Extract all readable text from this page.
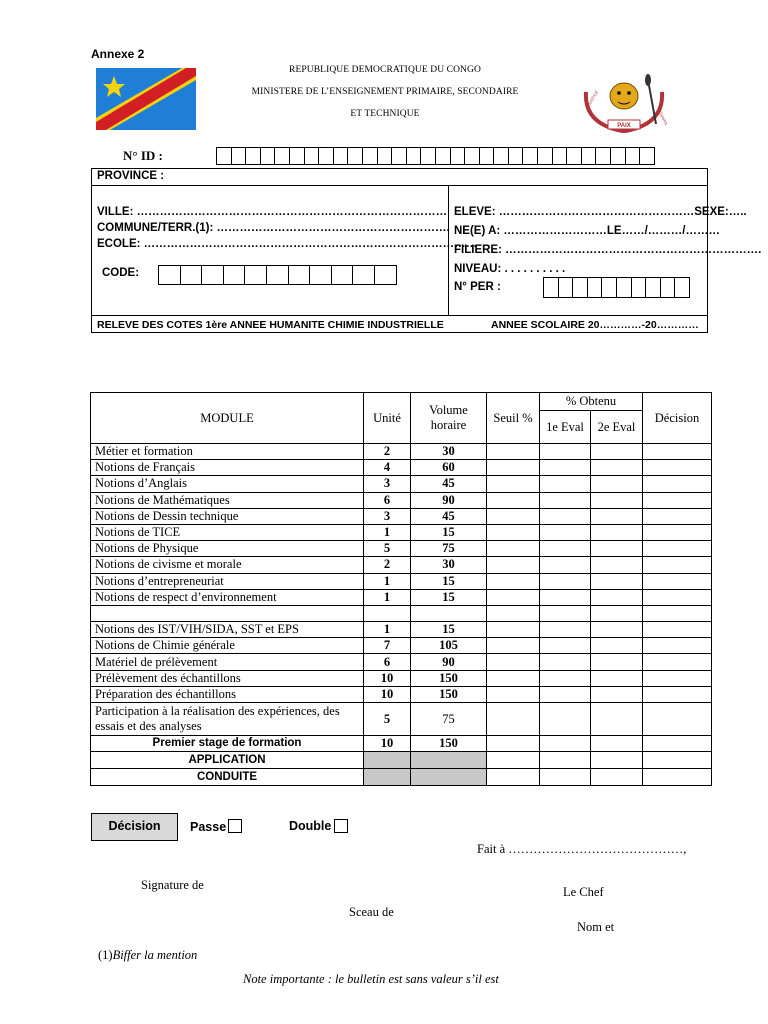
Annexe 2
REPUBLIQUE DEMOCRATIQUE DU CONGO
MINISTERE DE L’ENSEIGNEMENT PRIMAIRE, SECONDAIRE
ET TECHNIQUE
PAIX
JUSTICE
TRAVAIL
N° ID :
PROVINCE :
VILLE: ………………………………………………………………………
COMMUNE/TERR.(1): …………………………………………………….
ECOLE: ……………………………………………………………………………
CODE:
ELEVE: ……………………………………………SEXE:…..
NE(E) A: ………………………LE……/………/………
FILIERE: ………………………………………………………….
NIVEAU: . . . . . . . . . .
N° PER :
RELEVE DES COTES 1ère ANNEE HUMANITE CHIMIE INDUSTRIELLE	ANNEE SCOLAIRE 20…………-20…………
MODULE	Unité	Volume horaire	Seuil %	% Obtenu		Décision
				1e Eval	2e Eval	
Métier et formation	2	30				
Notions de Français	4	60				
Notions d’Anglais	3	45				
Notions de Mathématiques	6	90				
Notions de Dessin technique	3	45				
Notions de TICE	1	15				
Notions de Physique	5	75				
Notions de civisme et morale	2	30				
Notions d’entrepreneuriat	1	15				
Notions de respect d’environnement	1	15				

Notions des IST/VIH/SIDA, SST et EPS	1	15				
Notions de Chimie générale	7	105				
Matériel de prélèvement	6	90				
Prélèvement des échantillons	10	150				
Préparation des échantillons	10	150				
Participation à la réalisation des expériences, des essais et des analyses	5	75				
Premier stage de formation	10	150				
APPLICATION						
CONDUITE						
Décision	Passe	Double
Fait à ……………………………………,
Signature de	Le Chef
Sceau de
Nom et
(1)Biffer la mention
Note importante : le bulletin est sans valeur s’il est
